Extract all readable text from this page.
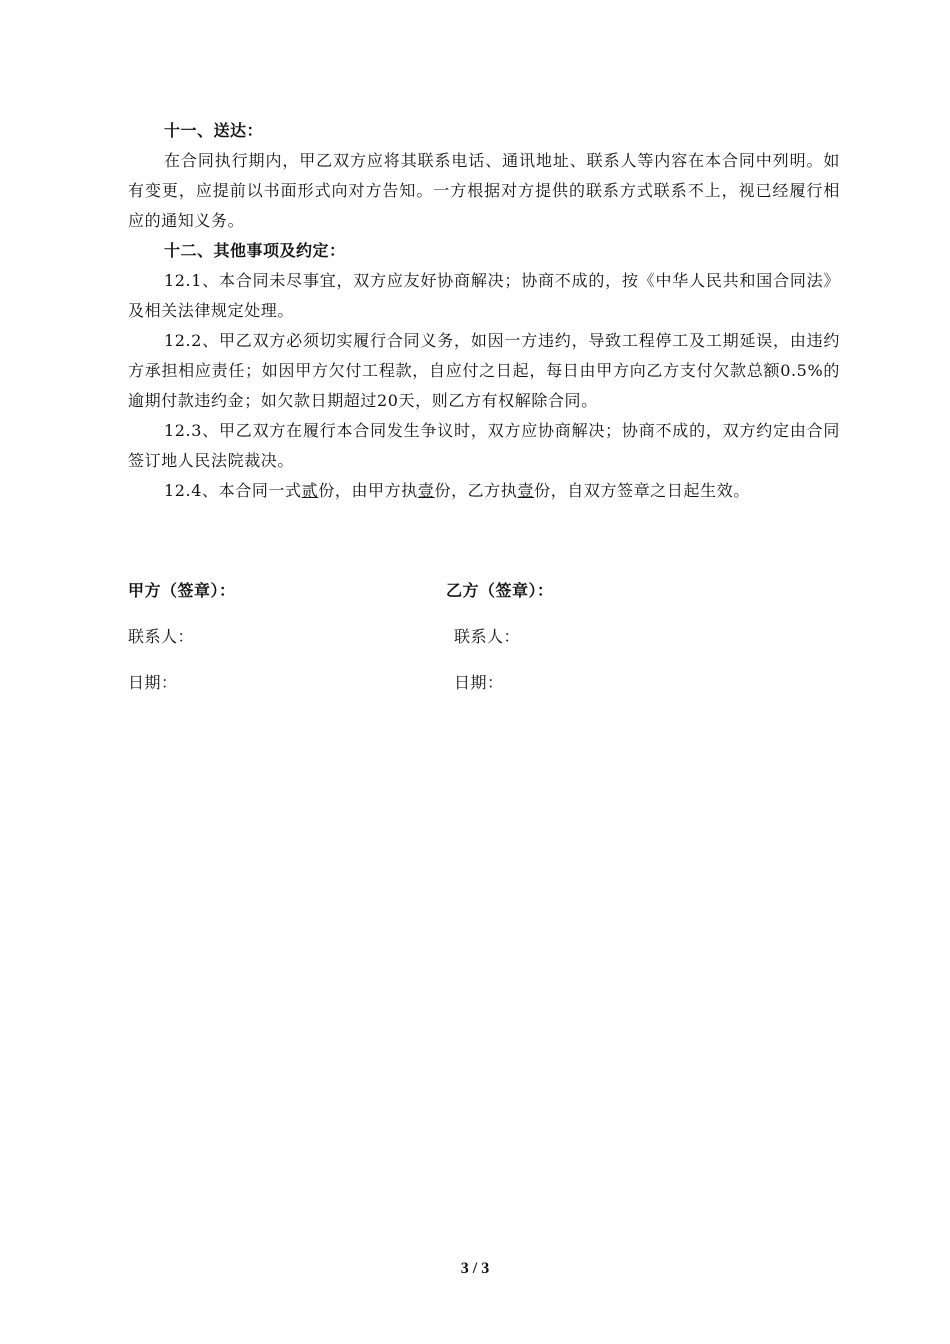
十一、送达：

在合同执行期内，甲乙双方应将其联系电话、通讯地址、联系人等内容在本合同中列明。如有变更，应提前以书面形式向对方告知。一方根据对方提供的联系方式联系不上，视已经履行相应的通知义务。

十二、其他事项及约定：

12.1、本合同未尽事宜，双方应友好协商解决；协商不成的，按《中华人民共和国合同法》及相关法律规定处理。

12.2、甲乙双方必须切实履行合同义务，如因一方违约，导致工程停工及工期延误，由违约方承担相应责任；如因甲方欠付工程款，自应付之日起，每日由甲方向乙方支付欠款总额0.5%的逾期付款违约金；如欠款日期超过20天，则乙方有权解除合同。

12.3、甲乙双方在履行本合同发生争议时，双方应协商解决；协商不成的，双方约定由合同签订地人民法院裁决。

12.4、本合同一式贰份，由甲方执壹份，乙方执壹份，自双方签章之日起生效。

甲方（签章）：	乙方（签章）：
联系人：	联系人：
日期：	日期：
3 / 3
